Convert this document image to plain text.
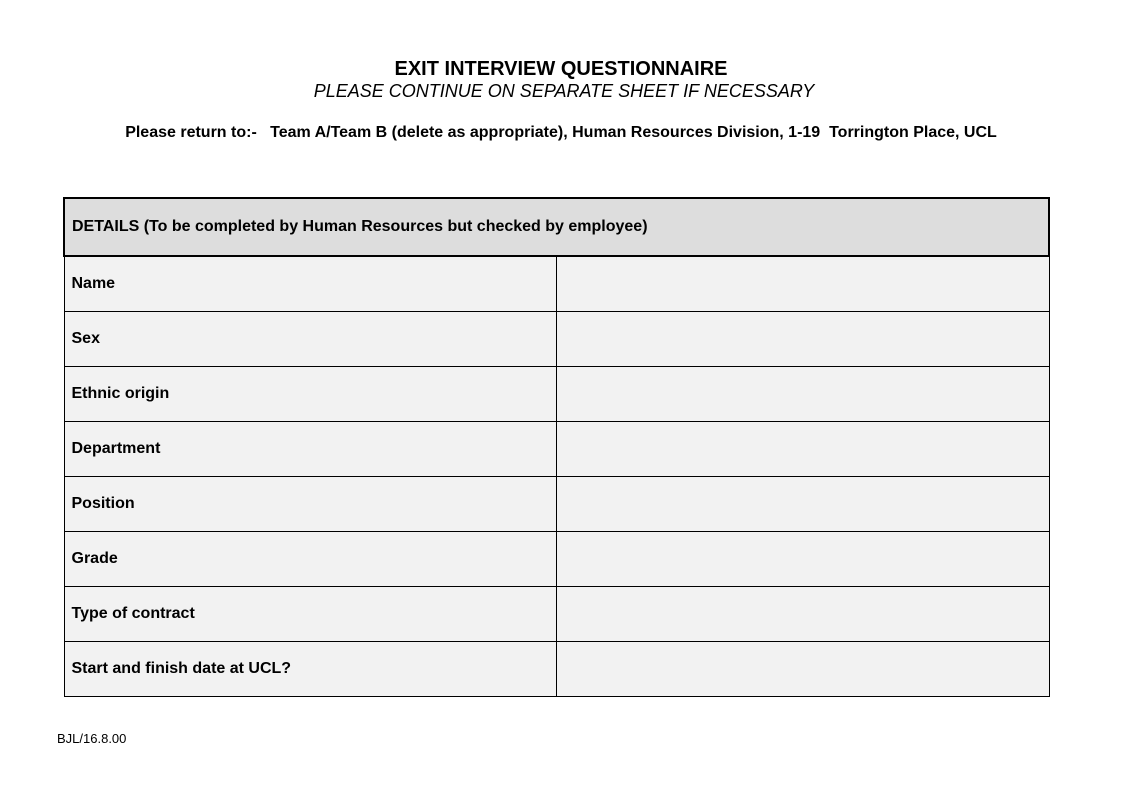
EXIT INTERVIEW QUESTIONNAIRE
PLEASE CONTINUE ON SEPARATE SHEET IF NECESSARY
Please return to:-   Team A/Team B (delete as appropriate), Human Resources Division, 1-19  Torrington Place, UCL
DETAILS (To be completed by Human Resources but checked by employee)	
Name	
Sex	
Ethnic origin	
Department	
Position	
Grade	
Type of contract	
Start and finish date at UCL?	
BJL/16.8.00
